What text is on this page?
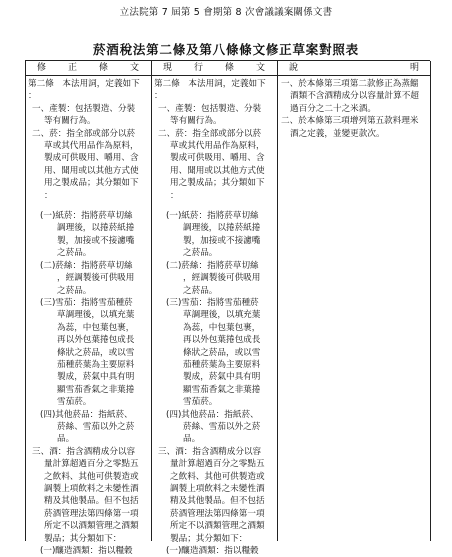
立法院第 7 屆第 5 會期第 8 次會議議案關係文書
菸酒稅法第二條及第八條條文修正草案對照表
修正條文	現行條文	說明
第二條　本法用詞，定義如下
：
一、產製：包括製造、分裝
等有關行為。
二、菸：指全部或部分以菸
草或其代用品作為原料，
製成可供吸用、嚼用、含
用、聞用或以其他方式使
用之製成品；其分類如下
：
(一)紙菸：指將菸草切絲
調理後，以捲菸紙捲
製，加接或不接濾嘴
之菸品。
(二)菸絲：指將菸草切絲
，經調製後可供吸用
之菸品。
(三)雪茄：指將雪茄種菸
草調理後，以填充葉
為蕊，中包葉包裹，
再以外包葉捲包成長
條狀之菸品，或以雪
茄種菸葉為主要原料
製成，菸氣中具有明
顯雪茄香氣之非葉捲
雪茄菸。
(四)其他菸品：指紙菸、
菸絲、雪茄以外之菸
品。
三、酒：指含酒精成分以容
量計算超過百分之零點五
之飲料、其他可供製造或
調製上項飲料之未變性酒
精及其他製品。但不包括
菸酒管理法第四條第一項
所定不以酒類管理之酒類
製品；其分類如下：
(一)釀造酒類：指以糧穀
第二條　本法用詞，定義如下
：
一、產製：包括製造、分裝
等有關行為。
二、菸：指全部或部分以菸
草或其代用品作為原料，
製成可供吸用、嚼用、含
用、聞用或以其他方式使
用之製成品；其分類如下
：
(一)紙菸：指將菸草切絲
調理後，以捲菸紙捲
製，加接或不接濾嘴
之菸品。
(二)菸絲：指將菸草切絲
，經調製後可供吸用
之菸品。
(三)雪茄：指將雪茄種菸
草調理後，以填充葉
為蕊，中包葉包裹，
再以外包葉捲包成長
條狀之菸品，或以雪
茄種菸葉為主要原料
製成，菸氣中具有明
顯雪茄香氣之非葉捲
雪茄菸。
(四)其他菸品：指紙菸、
菸絲、雪茄以外之菸
品。
三、酒：指含酒精成分以容
量計算超過百分之零點五
之飲料、其他可供製造或
調製上項飲料之未變性酒
精及其他製品。但不包括
菸酒管理法第四條第一項
所定不以酒類管理之酒類
製品；其分類如下：
(一)釀造酒類：指以糧穀
一、於本條第三項第二款修正為蒸餾酒類不含酒精成分以容量計算不超過百分之二十之米酒。
二、於本條第三項增列第五款料理米酒之定義，並變更款次。
